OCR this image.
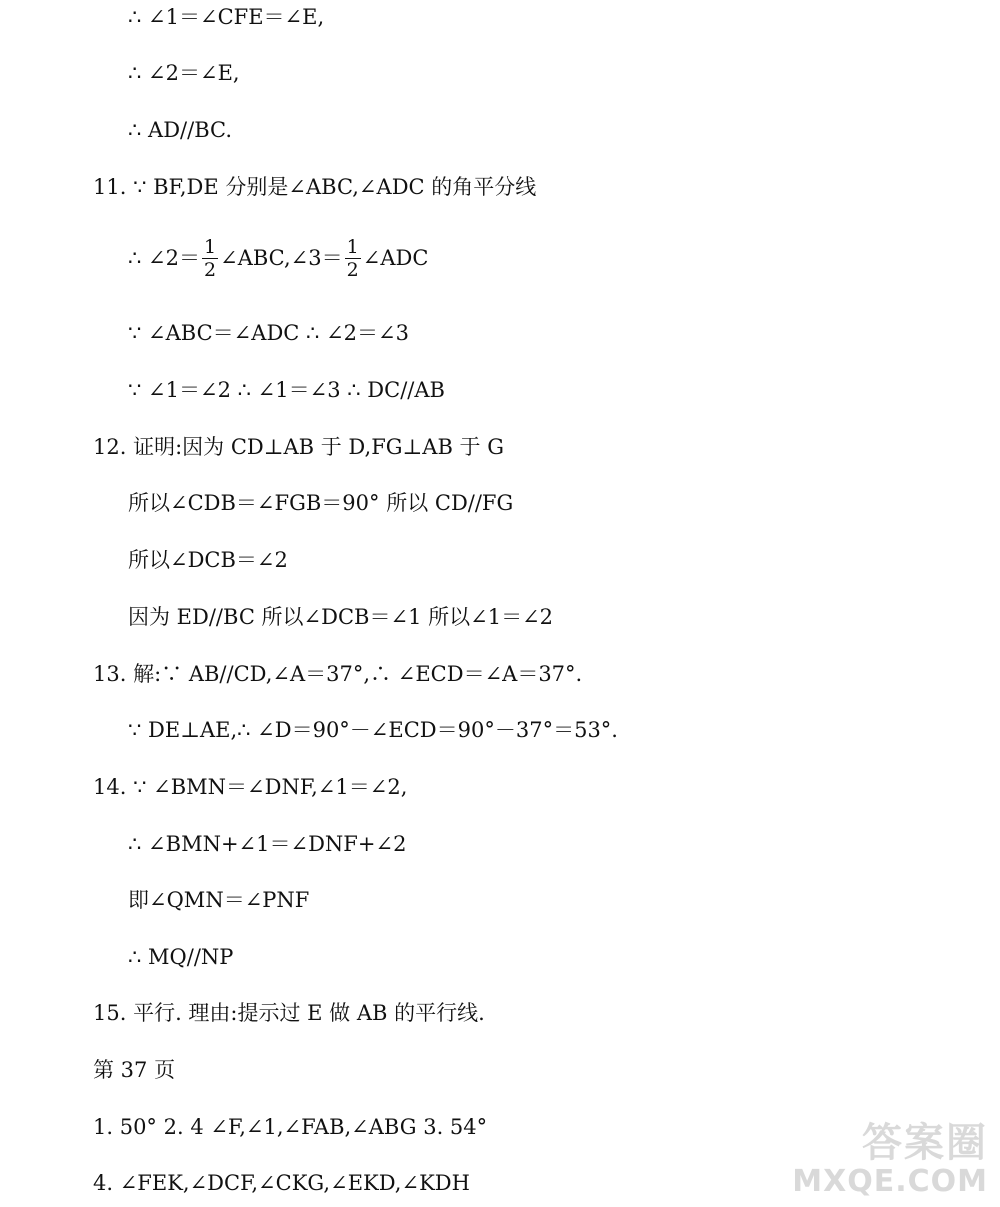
∴ ∠1＝∠CFE＝∠E,
∴ ∠2＝∠E,
∴ AD//BC.
11. ∵ BF,DE 分别是∠ABC,∠ADC 的角平分线
∴ ∠2＝ $\frac{1}{2}$ ∠ABC,∠3＝ $\frac{1}{2}$ ∠ADC
∵ ∠ABC＝∠ADC ∴ ∠2＝∠3
∵ ∠1＝∠2 ∴ ∠1＝∠3 ∴ DC//AB
12. 证明:因为 CD⊥AB 于 D,FG⊥AB 于 G
所以∠CDB＝∠FGB＝90° 所以 CD//FG
所以∠DCB＝∠2
因为 ED//BC 所以∠DCB＝∠1 所以∠1＝∠2
13. 解:∵ AB//CD,∠A＝37°,∴ ∠ECD＝∠A＝37°.
∵ DE⊥AE,∴ ∠D＝90°－∠ECD＝90°－37°＝53°.
14. ∵ ∠BMN＝∠DNF,∠1＝∠2,
∴ ∠BMN+∠1＝∠DNF+∠2
即∠QMN＝∠PNF
∴ MQ//NP
15. 平行. 理由:提示过 E 做 AB 的平行线.
第 37 页
1. 50° 2. 4 ∠F,∠1,∠FAB,∠ABG 3. 54°
4. ∠FEK,∠DCF,∠CKG,∠EKD,∠KDH
答案圈
MXQE.COM
